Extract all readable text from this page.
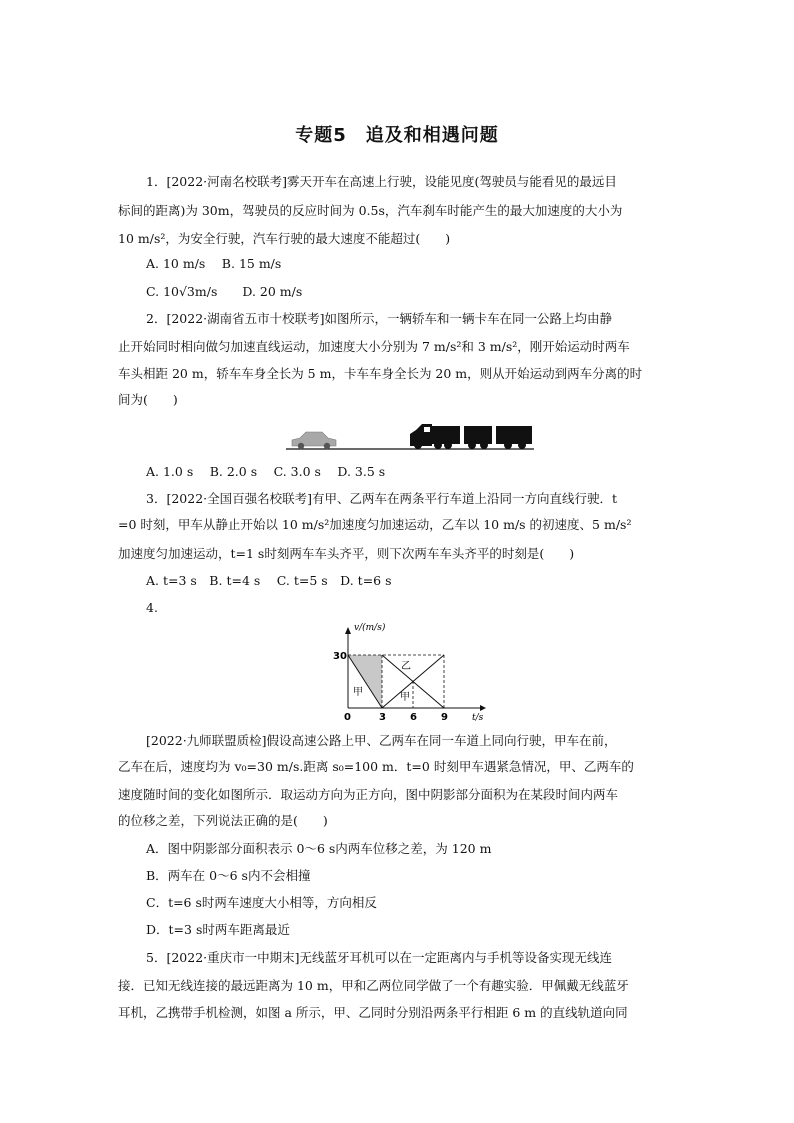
专题5　追及和相遇问题
1．[2022·河南名校联考]雾天开车在高速上行驶，设能见度(驾驶员与能看见的最远目
标间的距离)为 30m，驾驶员的反应时间为 0.5s，汽车刹车时能产生的最大加速度的大小为
10 m/s²，为安全行驶，汽车行驶的最大速度不能超过(　　)
A. 10 m/s　 B. 15 m/s
C. 10√3m/s　　 D. 20 m/s
2．[2022·湖南省五市十校联考]如图所示，一辆轿车和一辆卡车在同一公路上均由静
止开始同时相向做匀加速直线运动，加速度大小分别为 7 m/s²和 3 m/s²，刚开始运动时两车
车头相距 20 m，轿车车身全长为 5 m，卡车车身全长为 20 m，则从开始运动到两车分离的时
间为(　　)
A. 1.0 s　 B. 2.0 s　 C. 3.0 s　 D. 3.5 s
3．[2022·全国百强名校联考]有甲、乙两车在两条平行车道上沿同一方向直线行驶．t
=0 时刻，甲车从静止开始以 10 m/s²加速度匀加速运动，乙车以 10 m/s 的初速度、5 m/s²
加速度匀加速运动，t=1 s时刻两车车头齐平，则下次两车车头齐平的时刻是(　　)
A. t=3 s　B. t=4 s　 C. t=5 s　D. t=6 s
4.
v/(m/s)
t/s
30
0	3 6 9
乙
甲	甲
[2022·九师联盟质检]假设高速公路上甲、乙两车在同一车道上同向行驶，甲车在前，
乙车在后，速度均为 v₀=30 m/s.距离 s₀=100 m．t=0 时刻甲车遇紧急情况，甲、乙两车的
速度随时间的变化如图所示．取运动方向为正方向，图中阴影部分面积为在某段时间内两车
的位移之差，下列说法正确的是(　　)
A．图中阴影部分面积表示 0～6 s内两车位移之差，为 120 m
B．两车在 0～6 s内不会相撞
C．t=6 s时两车速度大小相等，方向相反
D．t=3 s时两车距离最近
5．[2022·重庆市一中期末]无线蓝牙耳机可以在一定距离内与手机等设备实现无线连
接．已知无线连接的最远距离为 10 m，甲和乙两位同学做了一个有趣实验．甲佩戴无线蓝牙
耳机，乙携带手机检测，如图 a 所示，甲、乙同时分别沿两条平行相距 6 m 的直线轨道向同
